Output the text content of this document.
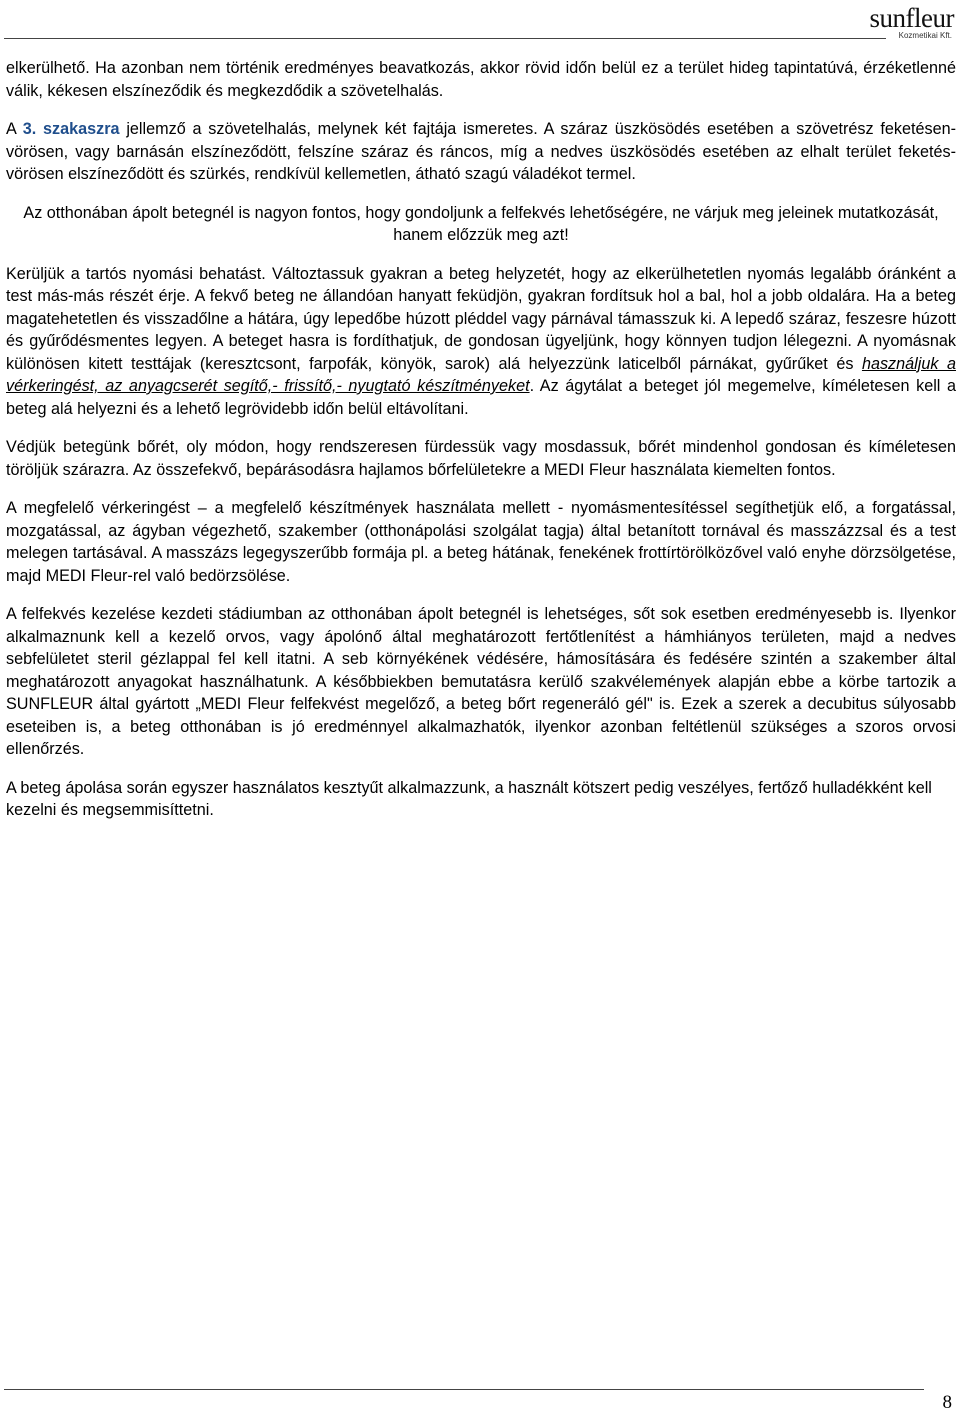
sunfleur
Kozmetikai Kft.

elkerülhető. Ha azonban nem történik eredményes beavatkozás, akkor rövid időn belül ez a terület hideg tapintatúvá, érzéketlenné válik, kékesen elszíneződik és megkezdődik a szövetelhalás.

A 3. szakaszra jellemző a szövetelhalás, melynek két fajtája ismeretes. A száraz üszkösödés esetében a szövetrész feketésen-vörösen, vagy barnásán elszíneződött, felszíne száraz és ráncos, míg a nedves üszkösödés esetében az elhalt terület feketés-vörösen elszíneződött és szürkés, rendkívül kellemetlen, átható szagú váladékot termel.

Az otthonában ápolt betegnél is nagyon fontos, hogy gondoljunk a felfekvés lehetőségére, ne várjuk meg jeleinek mutatkozását, hanem előzzük meg azt!

Kerüljük a tartós nyomási behatást. Változtassuk gyakran a beteg helyzetét, hogy az elkerülhetetlen nyomás legalább óránként a test más-más részét érje. A fekvő beteg ne állandóan hanyatt feküdjön, gyakran fordítsuk hol a bal, hol a jobb oldalára. Ha a beteg magatehetetlen és visszadőlne a hátára, úgy lepedőbe húzott pléddel vagy párnával támasszuk ki. A lepedő száraz, feszesre húzott és gyűrődésmentes legyen. A beteget hasra is fordíthatjuk, de gondosan ügyeljünk, hogy könnyen tudjon lélegezni. A nyomásnak különösen kitett testtájak (keresztcsont, farpofák, könyök, sarok) alá helyezzünk laticelből párnákat, gyűrűket és használjuk a vérkeringést, az anyagcserét segítő,- frissítő,- nyugtató készítményeket. Az ágytálat a beteget jól megemelve, kíméletesen kell a beteg alá helyezni és a lehető legrövidebb időn belül eltávolítani.

Védjük betegünk bőrét, oly módon, hogy rendszeresen fürdessük vagy mosdassuk, bőrét mindenhol gondosan és kíméletesen töröljük szárazra. Az összefekvő, bepárásodásra hajlamos bőrfelületekre a MEDI Fleur használata kiemelten fontos.

A megfelelő vérkeringést – a megfelelő készítmények használata mellett - nyomásmentesítéssel segíthetjük elő, a forgatással, mozgatással, az ágyban végezhető, szakember (otthonápolási szolgálat tagja) által betanított tornával és masszázzsal és a test melegen tartásával. A masszázs legegyszerűbb formája pl. a beteg hátának, fenekének frottírtörölközővel való enyhe dörzsölgetése, majd MEDI Fleur-rel való bedörzsölése.

A felfekvés kezelése kezdeti stádiumban az otthonában ápolt betegnél is lehetséges, sőt sok esetben eredményesebb is. Ilyenkor alkalmaznunk kell a kezelő orvos, vagy ápolónő által meghatározott fertőtlenítést a hámhiányos területen, majd a nedves sebfelületet steril gézlappal fel kell itatni. A seb környékének védésére, hámosítására és fedésére szintén a szakember által meghatározott anyagokat használhatunk. A későbbiekben bemutatásra kerülő szakvélemények alapján ebbe a körbe tartozik a SUNFLEUR által gyártott „MEDI Fleur felfekvést megelőző, a beteg bőrt regeneráló gél" is. Ezek a szerek a decubitus súlyosabb eseteiben is, a beteg otthonában is jó eredménnyel alkalmazhatók, ilyenkor azonban feltétlenül szükséges a szoros orvosi ellenőrzés.

A beteg ápolása során egyszer használatos kesztyűt alkalmazzunk, a használt kötszert pedig veszélyes, fertőző hulladékként kell kezelni és megsemmisíttetni.

8
